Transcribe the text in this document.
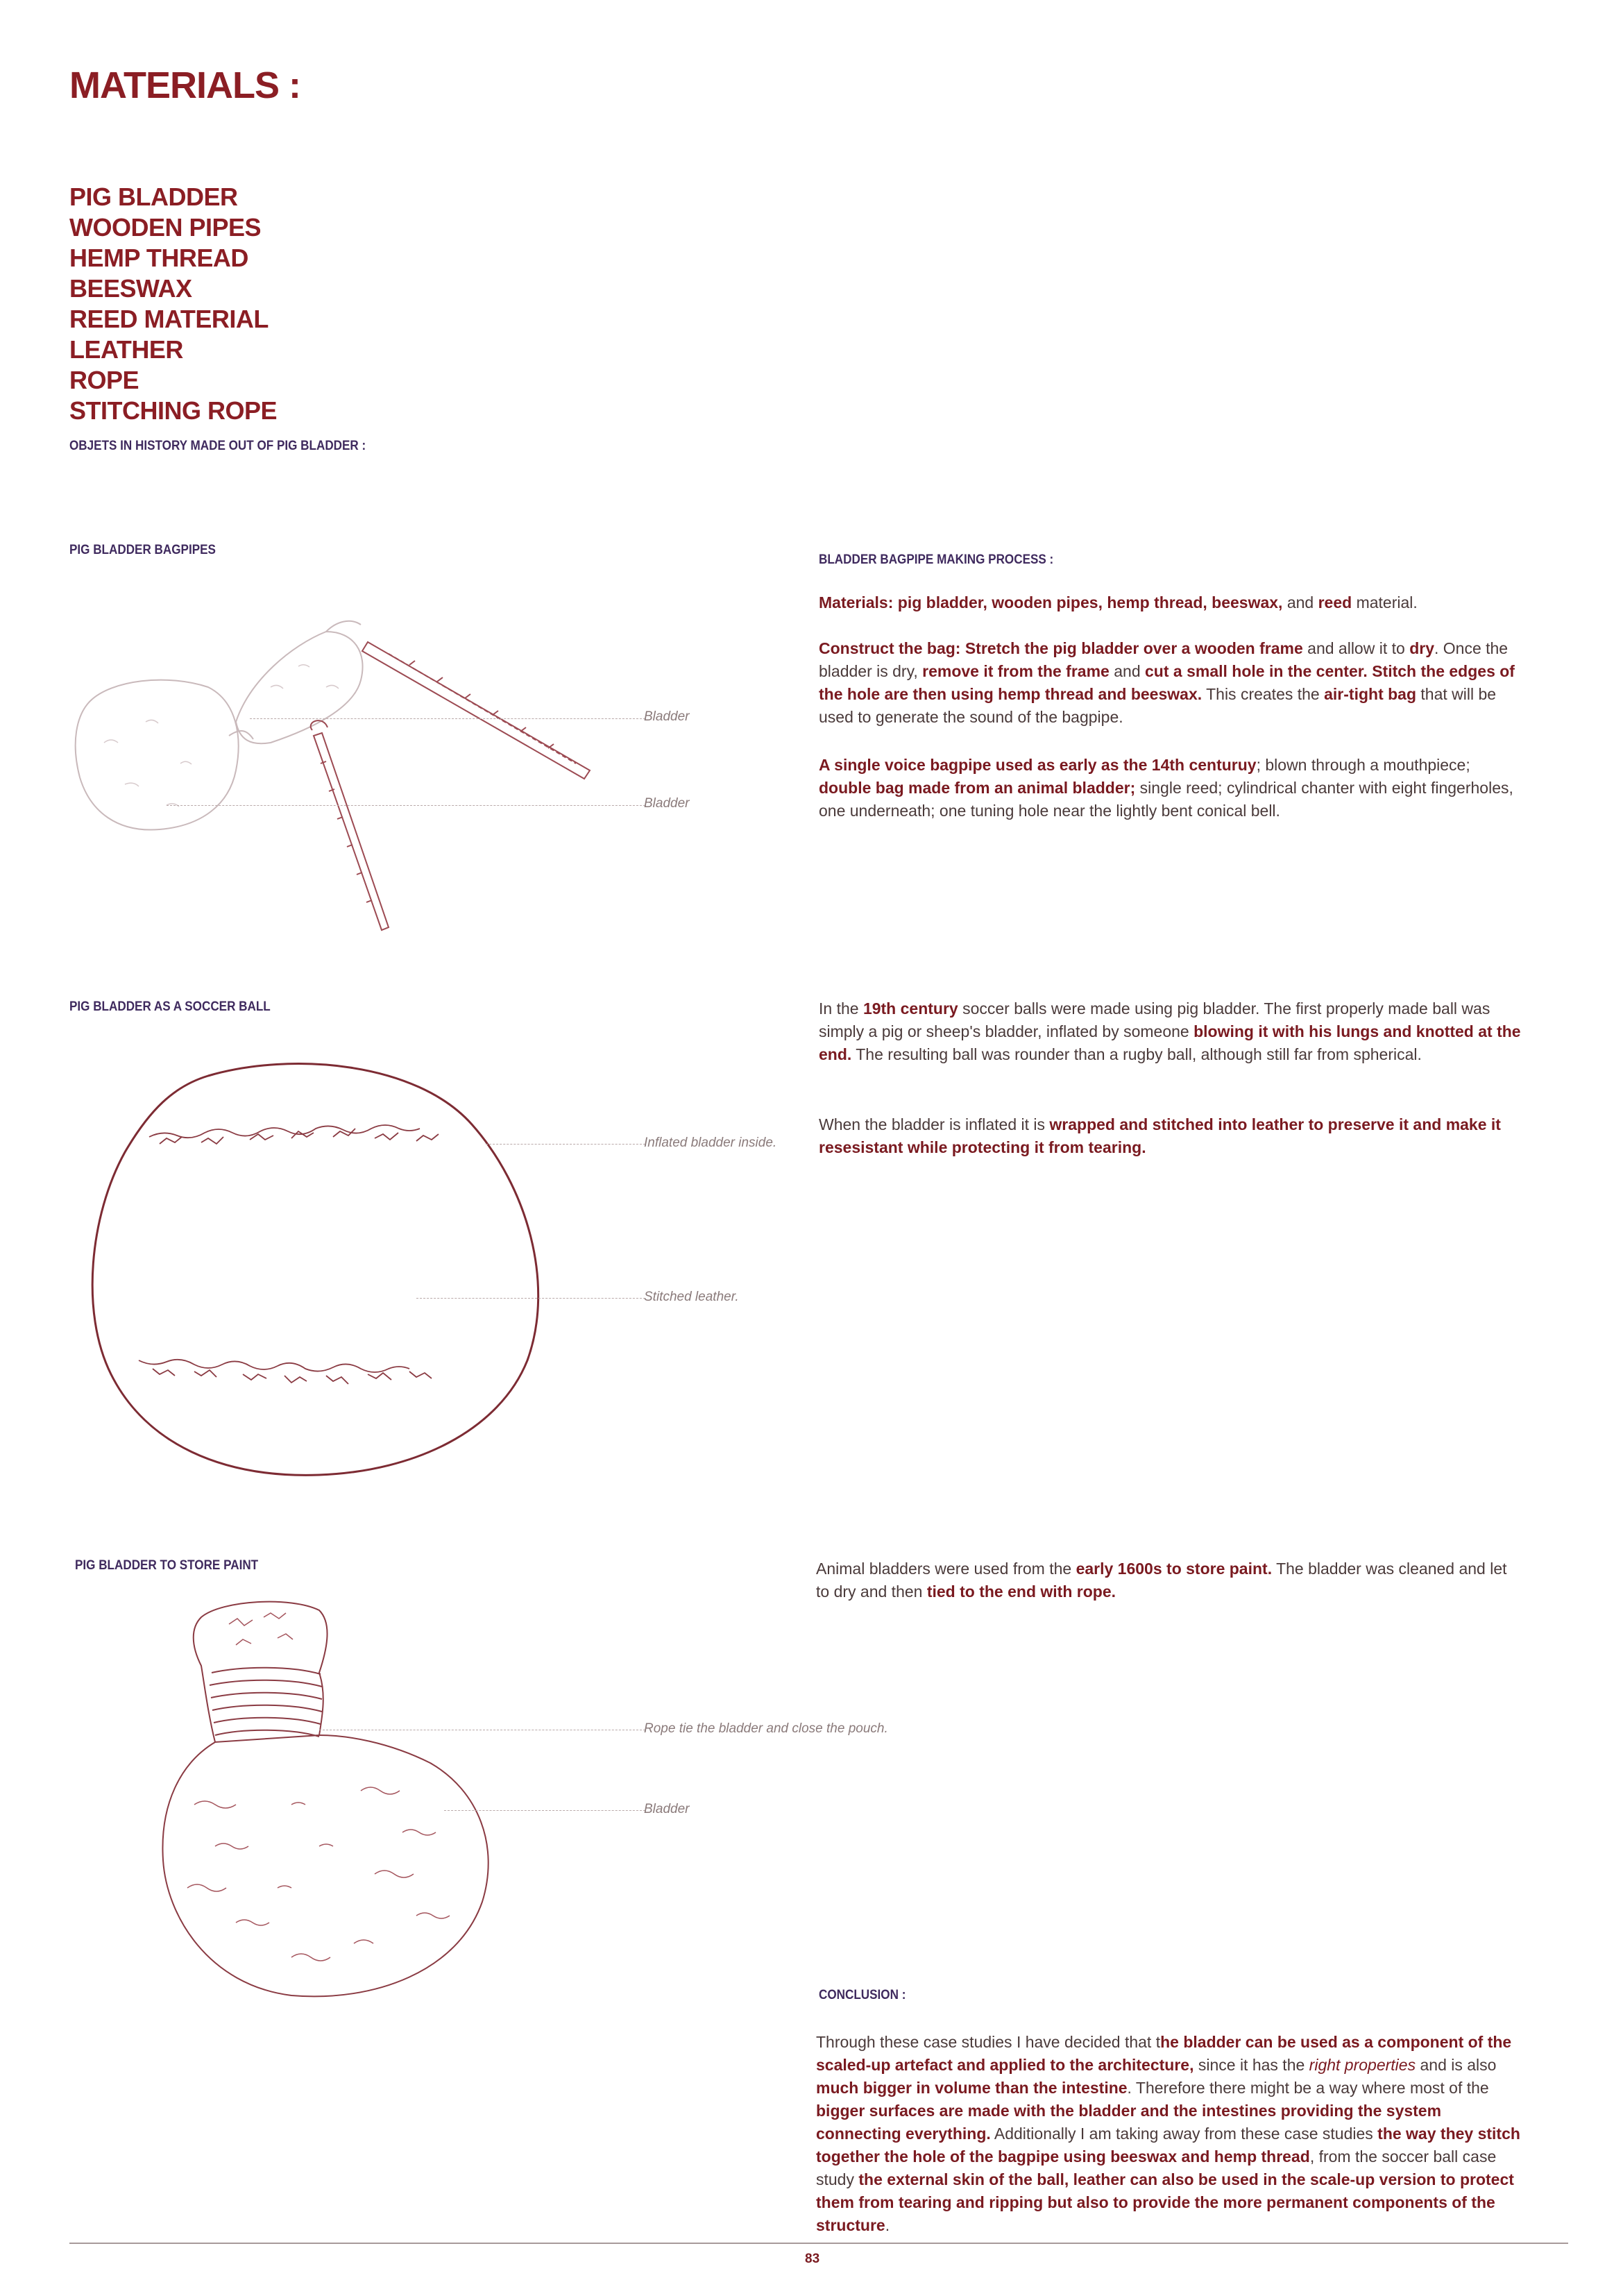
MATERIALS :
PIG BLADDER
WOODEN PIPES
HEMP THREAD
BEESWAX
REED MATERIAL
LEATHER
ROPE
STITCHING ROPE
OBJETS IN HISTORY MADE OUT OF PIG BLADDER :
PIG BLADDER BAGPIPES
Bladder
Bladder
BLADDER BAGPIPE MAKING PROCESS :

Materials: pig bladder, wooden pipes, hemp thread, beeswax, and reed material.

Construct the bag: Stretch the pig bladder over a wooden frame and allow it to dry. Once the bladder is dry, remove it from the frame and cut a small hole in the center. Stitch the edges of the hole are then using hemp thread and beeswax. This creates the air-tight bag that will be used to generate the sound of the bagpipe.

A single voice bagpipe used as early as the 14th centuruy; blown through a mouthpiece; double bag made from an animal bladder; single reed; cylindrical chanter with eight fingerholes, one underneath; one tuning hole near the lightly bent conical bell.

PIG BLADDER AS A SOCCER BALL
Inflated bladder inside.
Stitched leather.

In the 19th century soccer balls were made using pig bladder. The first properly made ball was simply a pig or sheep's bladder, inflated by someone blowing it with his lungs and knotted at the end. The resulting ball was rounder than a rugby ball, although still far from spherical.

When the bladder is inflated it is wrapped and stitched into leather to preserve it and make it resesistant while protecting it from tearing.

PIG BLADDER TO STORE PAINT
Rope tie the bladder and close the pouch.
Bladder

Animal bladders were used from the early 1600s to store paint. The bladder was cleaned and let to dry and then tied to the end with rope.

CONCLUSION :

Through these case studies I have decided that the bladder can be used as a component of the scaled-up artefact and applied to the architecture, since it has the right properties and is also much bigger in volume than the intestine. Therefore there might be a way where most of the bigger surfaces are made with the bladder and the intestines providing the system connecting everything. Additionally I am taking away from these case studies the way they stitch together the hole of the bagpipe using beeswax and hemp thread, from the soccer ball case study the external skin of the ball, leather can also be used in the scale-up version to protect them from tearing and ripping but also to provide the more permanent components of the structure.

83
